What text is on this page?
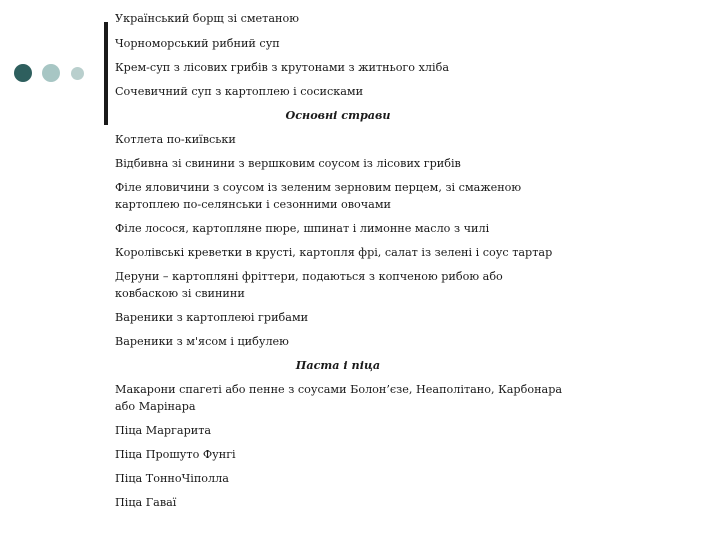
Український борщ зі сметаною
Чорноморський рибний суп
Крем-суп з лісових грибів з крутонами з житнього хліба
Сочевичний суп з картоплею і сосисками
Основні страви
Котлета по-київськи
Відбивна зі свинини з вершковим соусом із лісових грибів
Філе яловичини з соусом із зеленим зерновим перцем, зі смаженою картоплею по-селянськи і сезонними овочами
Філе лосося, картопляне пюре, шпинат і лимонне масло з чилі
Королівські креветки в крусті, картопля фрі, салат із зелені і соус тартар
Деруни – картопляні фріттери, подаються з копченою рибою або ковбаскою зі свинини
Вареники з картоплеюі грибами
Вареники з м'ясом і цибулею
Паста і піца
Макарони спагеті або пенне з соусами Болон’єзе, Неаполітано, Карбонара або Марінара
Піца Маргарита
Піца Прошуто Фунгі
Піца ТонноЧіполла
Піца Гаваї
